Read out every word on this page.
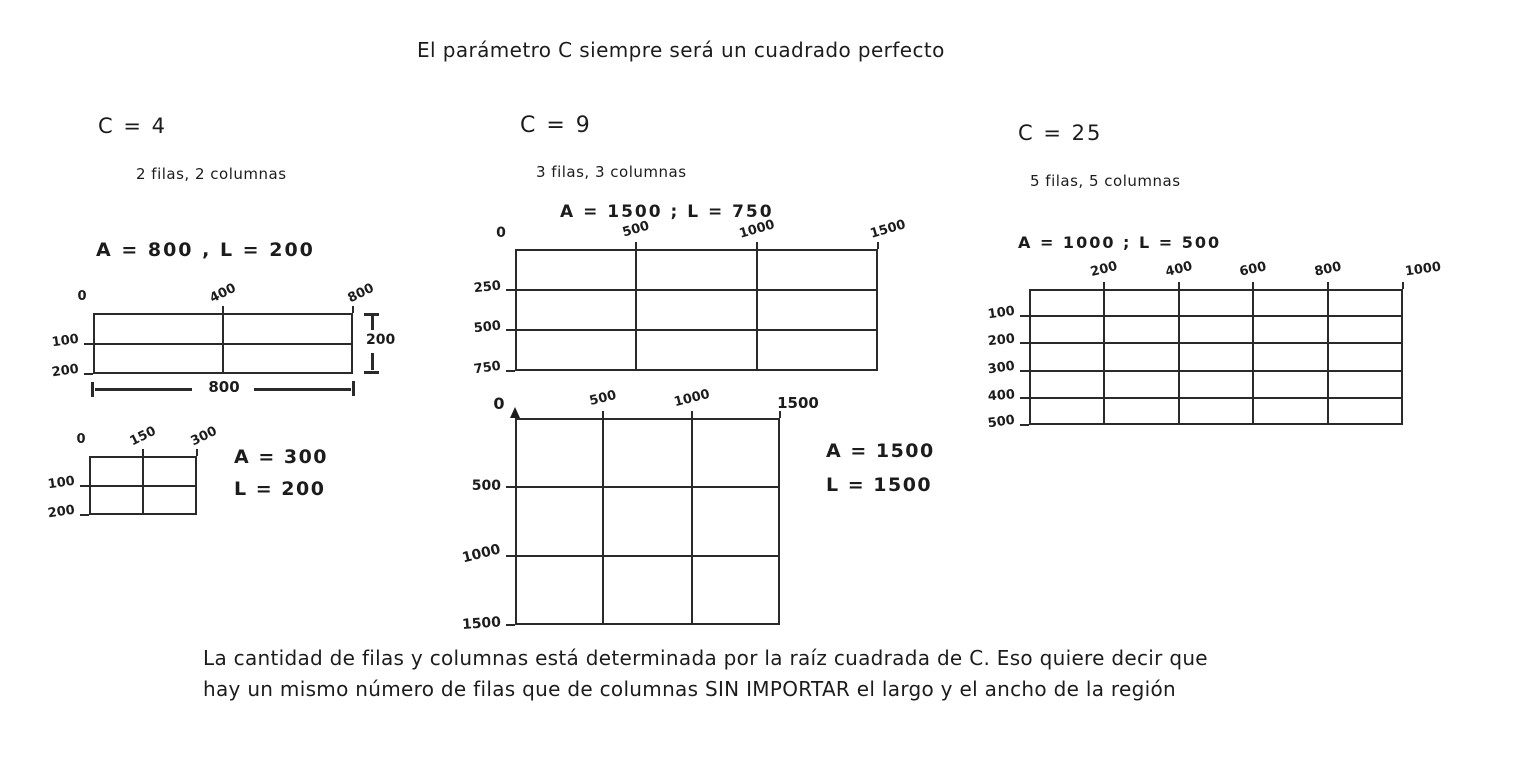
El parámetro C siempre será un cuadrado perfecto
C = 4
2 filas, 2 columnas
A = 800 , L = 200
A = 300
L = 200
C = 9
3 filas, 3 columnas
A = 1500 ; L = 750
A = 1500
L = 1500
C = 25
5 filas, 5 columnas
A = 1000 ; L = 500
La cantidad de filas y columnas está determinada por la raíz cuadrada de C. Eso quiere decir que
hay un mismo número de filas que de columnas SIN IMPORTAR el largo y el ancho de la región
0	400	800
100
200
200
800
0	150 300
100
200
0	500	1000	1500
250
500
750
0	500	1000	1500
500
1000
1500
200	400	600	800	1000
100
200
300
400
500
